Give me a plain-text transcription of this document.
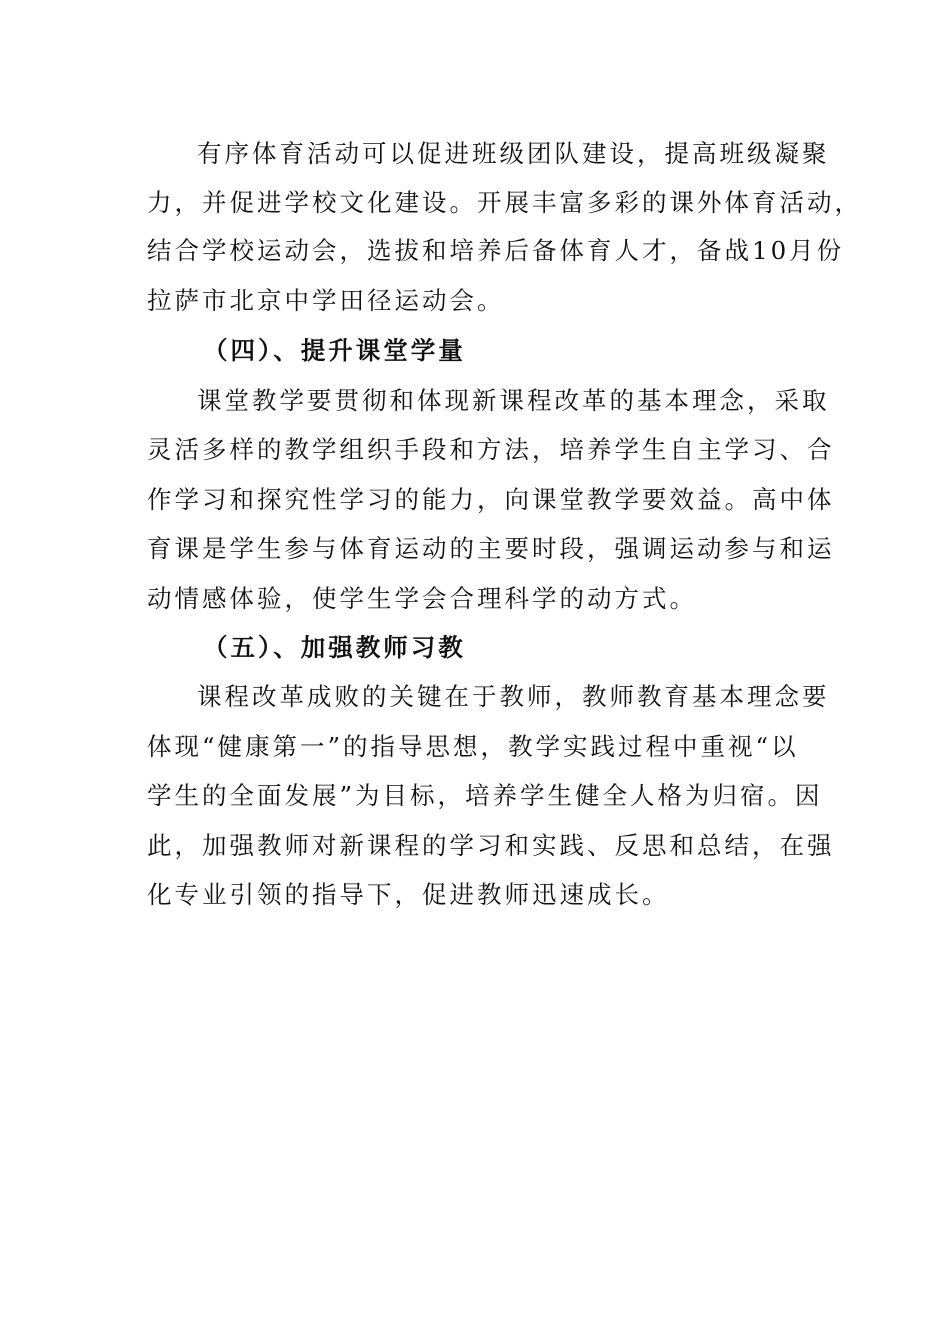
有序体育活动可以促进班级团队建设，提高班级凝聚
力，并促进学校文化建设。开展丰富多彩的课外体育活动，
结合学校运动会，选拔和培养后备体育人才，备战10月份
拉萨市北京中学田径运动会。
（四）、提升课堂学量
课堂教学要贯彻和体现新课程改革的基本理念，采取
灵活多样的教学组织手段和方法，培养学生自主学习、合
作学习和探究性学习的能力，向课堂教学要效益。高中体
育课是学生参与体育运动的主要时段，强调运动参与和运
动情感体验，使学生学会合理科学的动方式。
（五）、加强教师习教
课程改革成败的关键在于教师，教师教育基本理念要
体现“健康第一”的指导思想，教学实践过程中重视“以
学生的全面发展”为目标，培养学生健全人格为归宿。因
此，加强教师对新课程的学习和实践、反思和总结，在强
化专业引领的指导下，促进教师迅速成长。
